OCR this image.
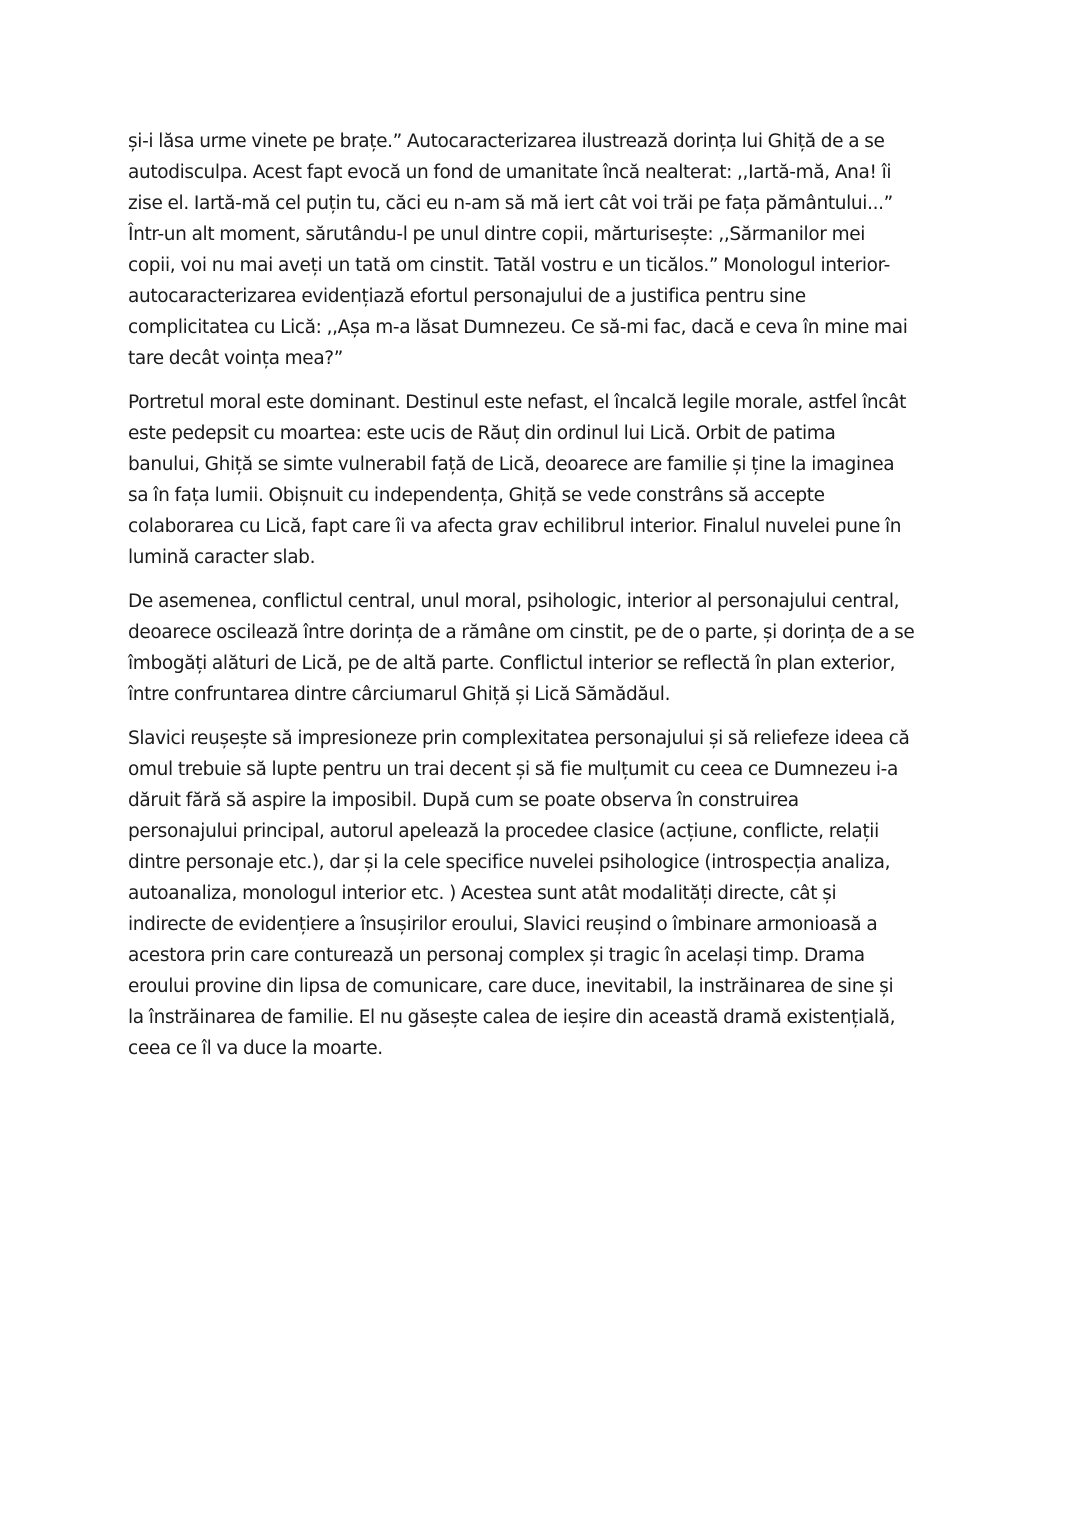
și-i lăsa urme vinete pe brațe.” Autocaracterizarea ilustrează dorința lui Ghiță de a se
autodisculpa. Acest fapt evocă un fond de umanitate încă nealterat: ,,Iartă-mă, Ana! îi
zise el. Iartă-mă cel puțin tu, căci eu n-am să mă iert cât voi trăi pe fața pământului...”
Într-un alt moment, sărutându-l pe unul dintre copii, mărturisește: ,,Sărmanilor mei
copii, voi nu mai aveți un tată om cinstit. Tatăl vostru e un ticălos.” Monologul interior-
autocaracterizarea evidențiază efortul personajului de a justifica pentru sine
complicitatea cu Lică: ,,Așa m-a lăsat Dumnezeu. Ce să-mi fac, dacă e ceva în mine mai
tare decât voința mea?”

Portretul moral este dominant. Destinul este nefast, el încalcă legile morale, astfel încât
este pedepsit cu moartea: este ucis de Răuț din ordinul lui Lică. Orbit de patima
banului, Ghiță se simte vulnerabil față de Lică, deoarece are familie și ține la imaginea
sa în fața lumii. Obișnuit cu independența, Ghiță se vede constrâns să accepte
colaborarea cu Lică, fapt care îi va afecta grav echilibrul interior. Finalul nuvelei pune în
lumină caracter slab.

De asemenea, conflictul central, unul moral, psihologic, interior al personajului central,
deoarece oscilează între dorința de a rămâne om cinstit, pe de o parte, și dorința de a se
îmbogăți alături de Lică, pe de altă parte. Conflictul interior se reflectă în plan exterior,
între confruntarea dintre cârciumarul Ghiță și Lică Sămădăul.

Slavici reușește să impresioneze prin complexitatea personajului și să reliefeze ideea că
omul trebuie să lupte pentru un trai decent și să fie mulțumit cu ceea ce Dumnezeu i-a
dăruit fără să aspire la imposibil. După cum se poate observa în construirea
personajului principal, autorul apelează la procedee clasice (acțiune, conflicte, relații
dintre personaje etc.), dar și la cele specifice nuvelei psihologice (introspecția analiza,
autoanaliza, monologul interior etc. ) Acestea sunt atât modalități directe, cât și
indirecte de evidențiere a însușirilor eroului, Slavici reușind o îmbinare armonioasă a
acestora prin care conturează un personaj complex și tragic în același timp. Drama
eroului provine din lipsa de comunicare, care duce, inevitabil, la instrăinarea de sine și
la înstrăinarea de familie. El nu găsește calea de ieșire din această dramă existențială,
ceea ce îl va duce la moarte.
